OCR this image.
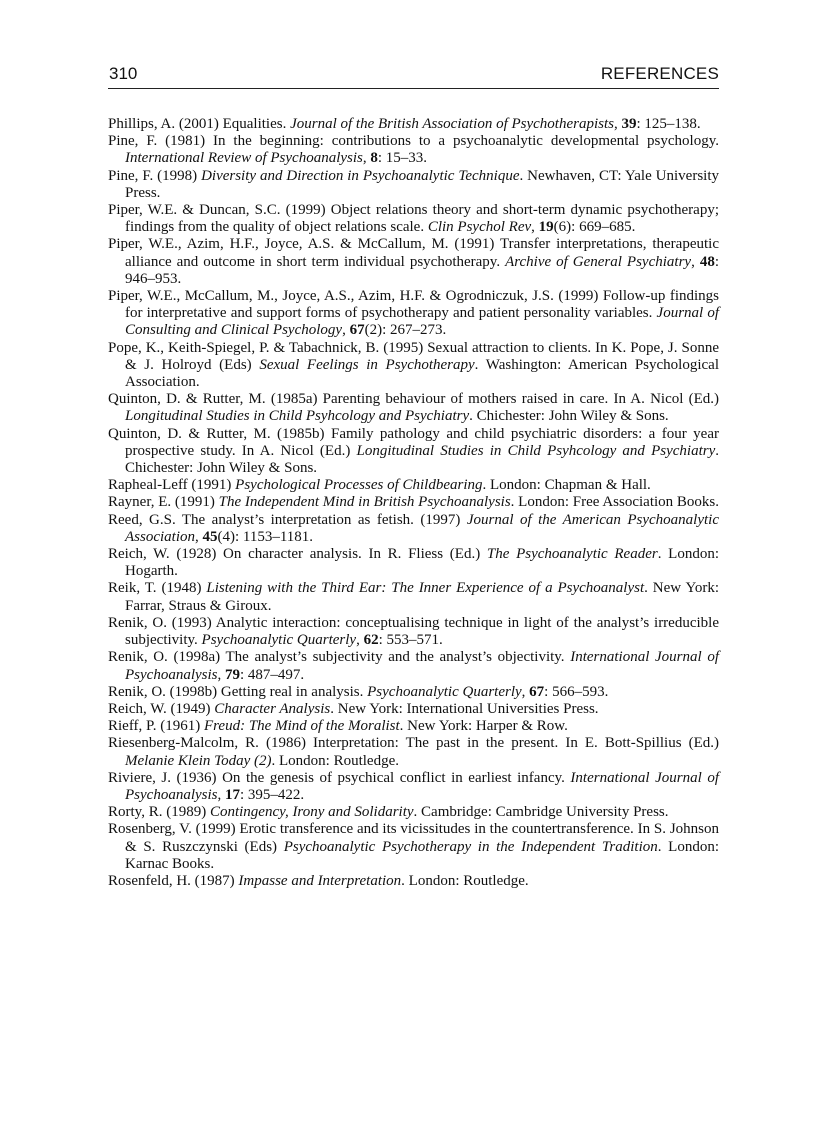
310	REFERENCES
Phillips, A. (2001) Equalities. Journal of the British Association of Psychotherapists, 39: 125–138.
Pine, F. (1981) In the beginning: contributions to a psychoanalytic developmental psychology. International Review of Psychoanalysis, 8: 15–33.
Pine, F. (1998) Diversity and Direction in Psychoanalytic Technique. Newhaven, CT: Yale University Press.
Piper, W.E. & Duncan, S.C. (1999) Object relations theory and short-term dynamic psychotherapy; findings from the quality of object relations scale. Clin Psychol Rev, 19(6): 669–685.
Piper, W.E., Azim, H.F., Joyce, A.S. & McCallum, M. (1991) Transfer interpretations, therapeutic alliance and outcome in short term individual psychotherapy. Archive of General Psychiatry, 48: 946–953.
Piper, W.E., McCallum, M., Joyce, A.S., Azim, H.F. & Ogrodniczuk, J.S. (1999) Follow-up findings for interpretative and support forms of psychotherapy and patient personality variables. Journal of Consulting and Clinical Psychology, 67(2): 267–273.
Pope, K., Keith-Spiegel, P. & Tabachnick, B. (1995) Sexual attraction to clients. In K. Pope, J. Sonne & J. Holroyd (Eds) Sexual Feelings in Psychotherapy. Washington: American Psychological Association.
Quinton, D. & Rutter, M. (1985a) Parenting behaviour of mothers raised in care. In A. Nicol (Ed.) Longitudinal Studies in Child Psyhcology and Psychiatry. Chichester: John Wiley & Sons.
Quinton, D. & Rutter, M. (1985b) Family pathology and child psychiatric disorders: a four year prospective study. In A. Nicol (Ed.) Longitudinal Studies in Child Psyhcology and Psychiatry. Chichester: John Wiley & Sons.
Rapheal-Leff (1991) Psychological Processes of Childbearing. London: Chapman & Hall.
Rayner, E. (1991) The Independent Mind in British Psychoanalysis. London: Free Association Books.
Reed, G.S. The analyst’s interpretation as fetish. (1997) Journal of the American Psychoanalytic Association, 45(4): 1153–1181.
Reich, W. (1928) On character analysis. In R. Fliess (Ed.) The Psychoanalytic Reader. London: Hogarth.
Reik, T. (1948) Listening with the Third Ear: The Inner Experience of a Psychoanalyst. New York: Farrar, Straus & Giroux.
Renik, O. (1993) Analytic interaction: conceptualising technique in light of the analyst’s irreducible subjectivity. Psychoanalytic Quarterly, 62: 553–571.
Renik, O. (1998a) The analyst’s subjectivity and the analyst’s objectivity. International Journal of Psychoanalysis, 79: 487–497.
Renik, O. (1998b) Getting real in analysis. Psychoanalytic Quarterly, 67: 566–593.
Reich, W. (1949) Character Analysis. New York: International Universities Press.
Rieff, P. (1961) Freud: The Mind of the Moralist. New York: Harper & Row.
Riesenberg-Malcolm, R. (1986) Interpretation: The past in the present. In E. Bott-Spillius (Ed.) Melanie Klein Today (2). London: Routledge.
Riviere, J. (1936) On the genesis of psychical conflict in earliest infancy. International Journal of Psychoanalysis, 17: 395–422.
Rorty, R. (1989) Contingency, Irony and Solidarity. Cambridge: Cambridge University Press.
Rosenberg, V. (1999) Erotic transference and its vicissitudes in the countertransference. In S. Johnson & S. Ruszczynski (Eds) Psychoanalytic Psychotherapy in the Independent Tradition. London: Karnac Books.
Rosenfeld, H. (1987) Impasse and Interpretation. London: Routledge.
